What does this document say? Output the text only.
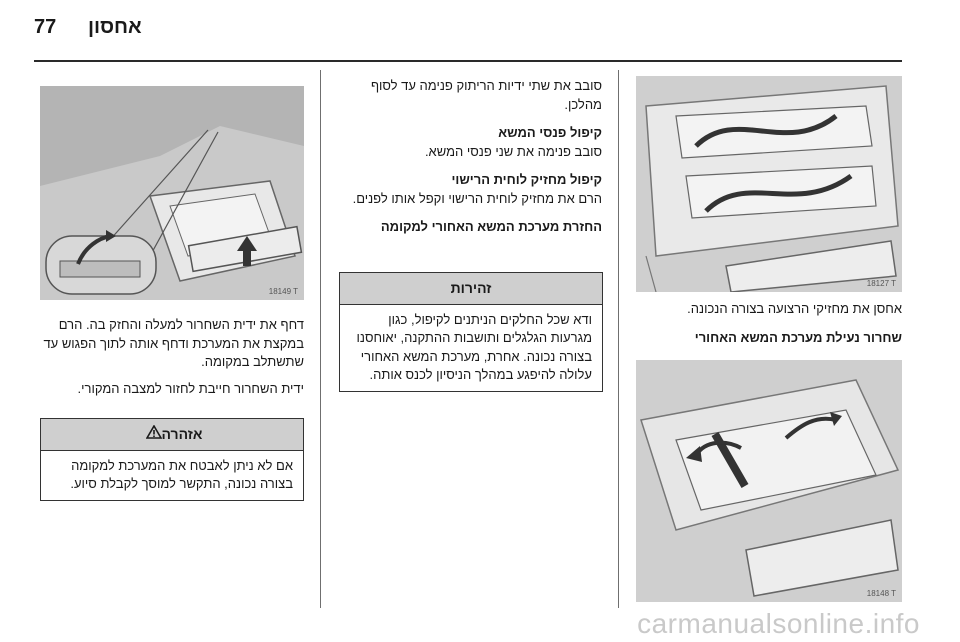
77 אחסון
18127 T

אחסן את מחזיקי הרצועה בצורה הנכונה.

שחרור נעילת מערכת המשא האחורי

18148 T

סובב את שתי ידיות הריתוק פנימה עד לסוף מהלכן.

קיפול פנסי המשא

סובב פנימה את שני פנסי המשא.

קיפול מחזיק לוחית הרישוי

הרם את מחזיק לוחית הרישוי וקפל אותו לפנים.

החזרת מערכת המשא האחורי למקומה

זהירות
ודא שכל החלקים הניתנים לקיפול, כגון מגרעות הגלגלים ותושבות ההתקנה, יאוחסנו בצורה נכונה. אחרת, מערכת המשא האחורי עלולה להיפגע במהלך הניסיון לכנס אותה.
18149 T

דחף את ידית השחרור למעלה והחזק בה. הרם במקצת את המערכת ודחף אותה לתוך הפגוש עד שתשתלב במקומה.

ידית השחרור חייבת לחזור למצבה המקורי.

אזהרה
אם לא ניתן לאבטח את המערכת למקומה בצורה נכונה, התקשר למוסך לקבלת סיוע.
carmanualsonline.info
